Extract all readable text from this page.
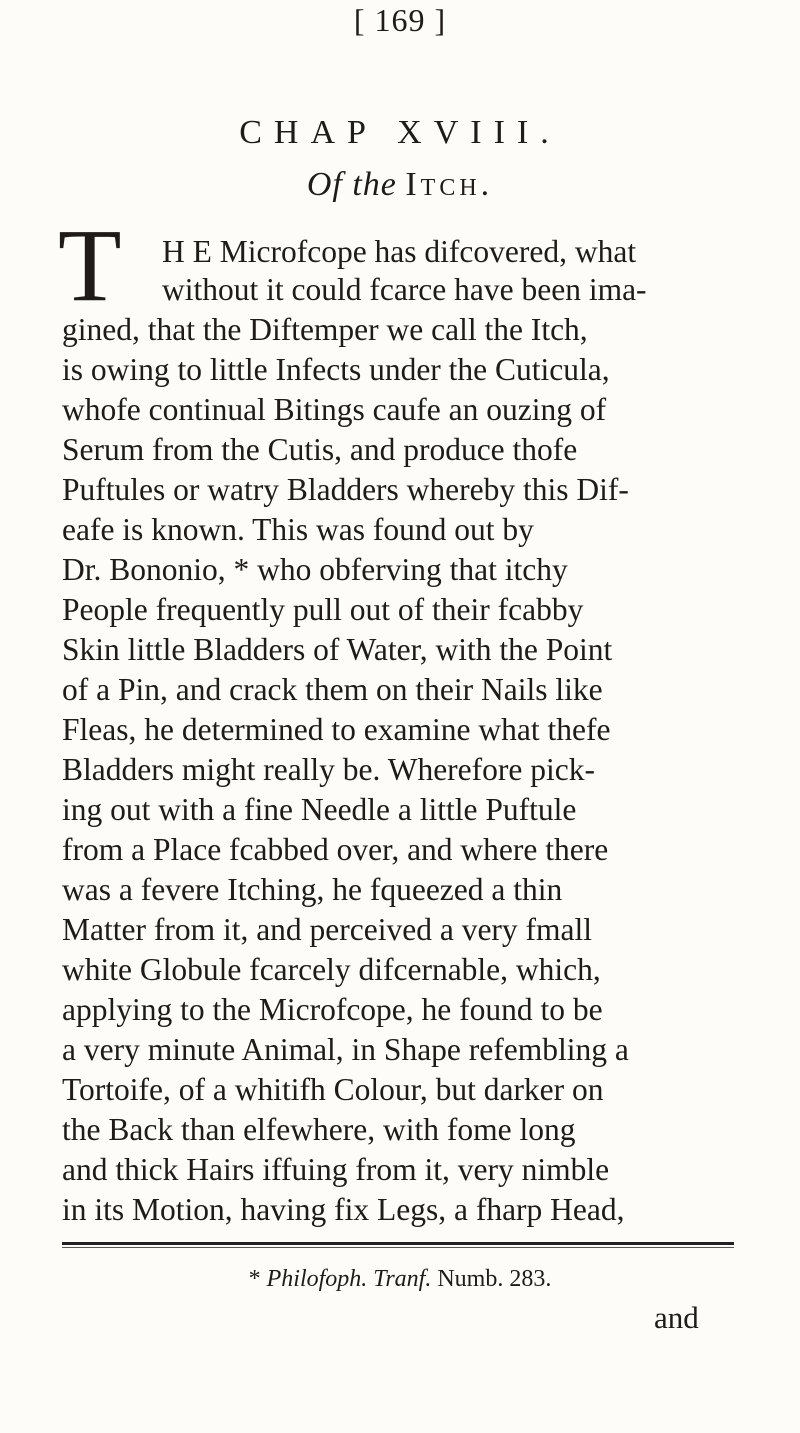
[ 169 ]
CHAP XVIII.
Of the Itch.
T H E Microfcope has difcovered, what
without it could fcarce have been ima-
gined, that the Diftemper we call the Itch,
is owing to little Infects under the Cuticula,
whofe continual Bitings caufe an ouzing of
Serum from the Cutis, and produce thofe
Puftules or watry Bladders whereby this Dif-
eafe is known. This was found out by
Dr. Bononio, * who obferving that itchy
People frequently pull out of their fcabby
Skin little Bladders of Water, with the Point
of a Pin, and crack them on their Nails like
Fleas, he determined to examine what thefe
Bladders might really be. Wherefore pick-
ing out with a fine Needle a little Puftule
from a Place fcabbed over, and where there
was a fevere Itching, he fqueezed a thin
Matter from it, and perceived a very fmall
white Globule fcarcely difcernable, which,
applying to the Microfcope, he found to be
a very minute Animal, in Shape refembling a
Tortoife, of a whitifh Colour, but darker on
the Back than elfewhere, with fome long
and thick Hairs iffuing from it, very nimble
in its Motion, having fix Legs, a fharp Head,
* Philofoph. Tranf. Numb. 283.
and
